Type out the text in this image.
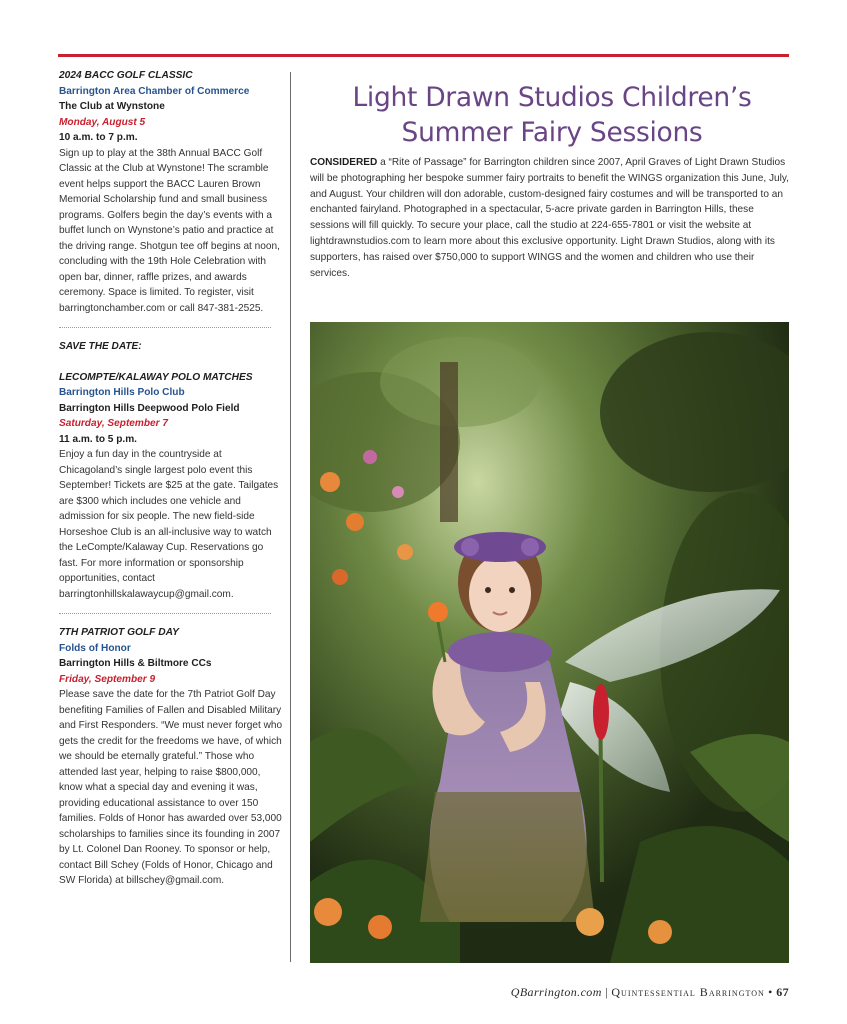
2024 BACC GOLF CLASSIC
Barrington Area Chamber of Commerce
The Club at Wynstone
Monday, August 5
10 a.m. to 7 p.m.
Sign up to play at the 38th Annual BACC Golf Classic at the Club at Wynstone! The scramble event helps support the BACC Lauren Brown Memorial Scholarship fund and small business programs. Golfers begin the day’s events with a buffet lunch on Wynstone’s patio and practice at the driving range. Shotgun tee off begins at noon, concluding with the 19th Hole Celebration with open bar, dinner, raffle prizes, and awards ceremony. Space is limited. To register, visit barringtonchamber.com or call 847-381-2525.
SAVE THE DATE:
LECOMPTE/KALAWAY POLO MATCHES
Barrington Hills Polo Club
Barrington Hills Deepwood Polo Field
Saturday, September 7
11 a.m. to 5 p.m.
Enjoy a fun day in the countryside at Chicagoland’s single largest polo event this September! Tickets are $25 at the gate. Tailgates are $300 which includes one vehicle and admission for six people. The new field-side Horseshoe Club is an all-inclusive way to watch the LeCompte/Kalaway Cup. Reservations go fast. For more information or sponsorship opportunities, contact barringtonhillskalawaycup@gmail.com.
7TH PATRIOT GOLF DAY
Folds of Honor
Barrington Hills & Biltmore CCs
Friday, September 9
Please save the date for the 7th Patriot Golf Day benefiting Families of Fallen and Disabled Military and First Responders. “We must never forget who gets the credit for the freedoms we have, of which we should be eternally grateful.” Those who attended last year, helping to raise $800,000, know what a special day and evening it was, providing educational assistance to over 150 families. Folds of Honor has awarded over 53,000 scholarships to families since its founding in 2007 by Lt. Colonel Dan Rooney. To sponsor or help, contact Bill Schey (Folds of Honor, Chicago and SW Florida) at billschey@gmail.com.
Light Drawn Studios Children’s
Summer Fairy Sessions

CONSIDERED a “Rite of Passage” for Barrington children since 2007, April Graves of Light Drawn Studios will be photographing her bespoke summer fairy portraits to benefit the WINGS organization this June, July, and August. Your children will don adorable, custom-designed fairy costumes and will be transported to an enchanted fairyland. Photographed in a spectacular, 5-acre private garden in Barrington Hills, these sessions will fill quickly. To secure your place, call the studio at 224-655-7801 or visit the website at lightdrawnstudios.com to learn more about this exclusive opportunity. Light Drawn Studios, along with its supporters, has raised over $750,000 to support WINGS and the women and children who use their services.

QBarrington.com | Quintessential Barrington • 67
